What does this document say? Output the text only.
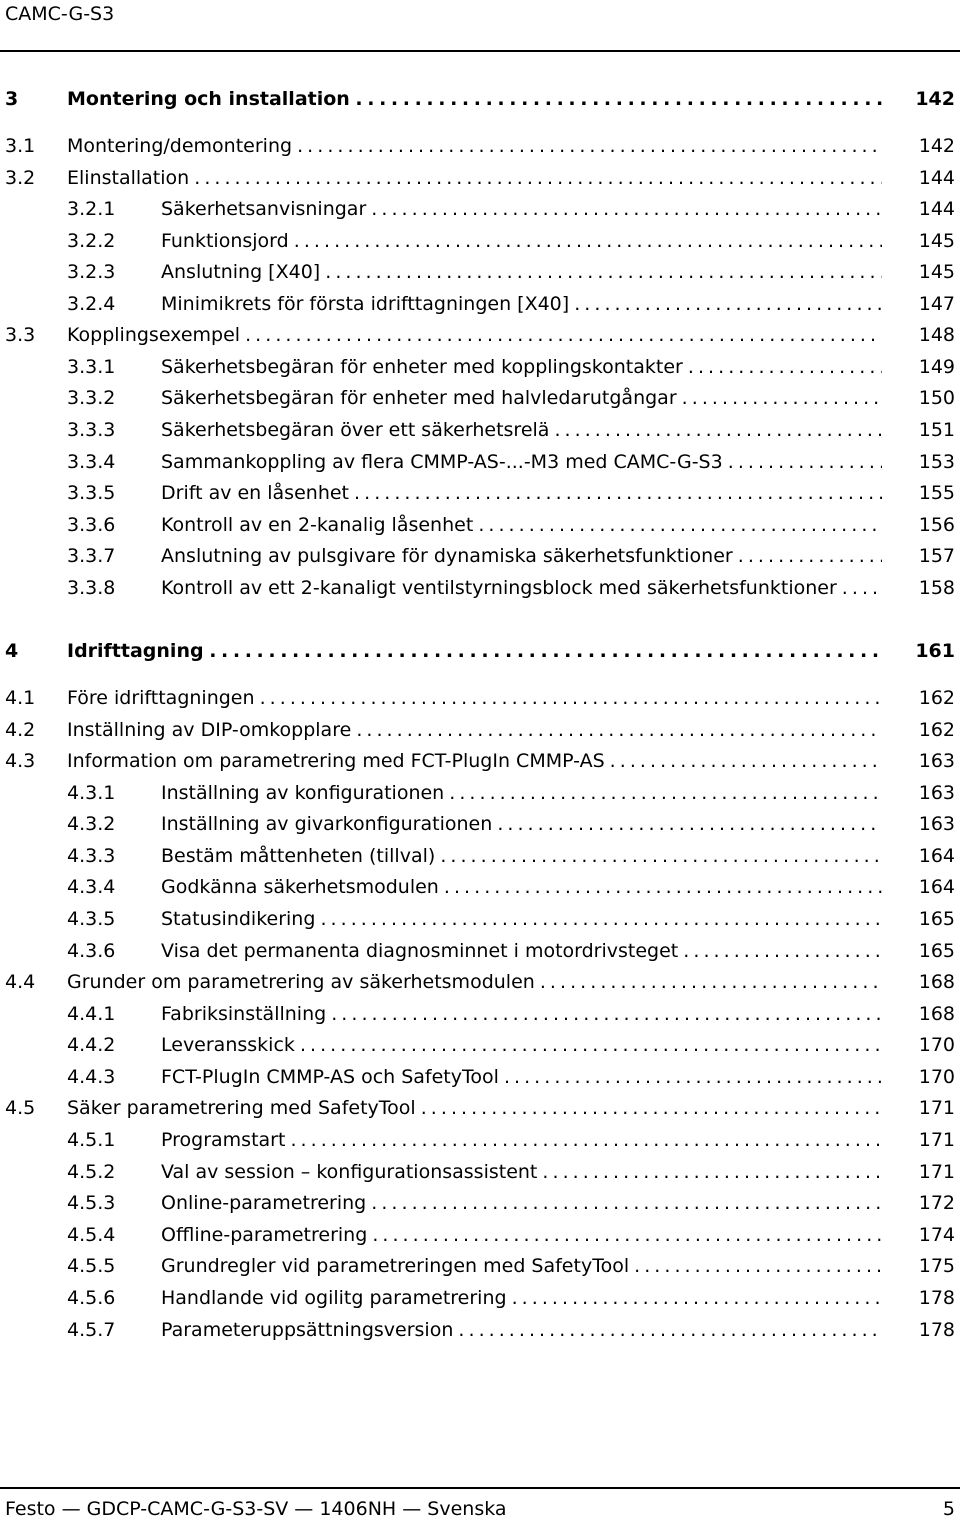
CAMC-G-S3
3	Montering och installation . . .	142
3.1 Montering/demontering . . .	142
3.2 Elinstallation . . .	144
3.2.1 Säkerhetsanvisningar . . .	144
3.2.2 Funktionsjord . . .	145
3.2.3 Anslutning [X40] . . .	145
3.2.4 Minimikrets för första idrifttagningen [X40] . . .	147
3.3 Kopplingsexempel . . .	148
3.3.1 Säkerhetsbegäran för enheter med kopplingskontakter . . .	149
3.3.2 Säkerhetsbegäran för enheter med halvledarutgångar . . .	150
3.3.3 Säkerhetsbegäran över ett säkerhetsrelä . . .	151
3.3.4 Sammankoppling av flera CMMP-AS-...-M3 med CAMC-G-S3 . . .	153
3.3.5 Drift av en låsenhet . . .	155
3.3.6 Kontroll av en 2-kanalig låsenhet . . .	156
3.3.7 Anslutning av pulsgivare för dynamiska säkerhetsfunktioner . . .	157
3.3.8 Kontroll av ett 2-kanaligt ventilstyrningsblock med säkerhetsfunktioner . . .	158
4	Idrifttagning . . .	161
4.1 Före idrifttagningen . . .	162
4.2 Inställning av DIP-omkopplare . . .	162
4.3 Information om parametrering med FCT-PlugIn CMMP-AS . . .	163
4.3.1 Inställning av konfigurationen . . .	163
4.3.2 Inställning av givarkonfigurationen . . .	163
4.3.3 Bestäm måttenheten (tillval) . . .	164
4.3.4 Godkänna säkerhetsmodulen . . .	164
4.3.5 Statusindikering . . .	165
4.3.6 Visa det permanenta diagnosminnet i motordrivsteget . . .	165
4.4 Grunder om parametrering av säkerhetsmodulen . . .	168
4.4.1 Fabriksinställning . . .	168
4.4.2 Leveransskick . . .	170
4.4.3 FCT-PlugIn CMMP-AS och SafetyTool . . .	170
4.5 Säker parametrering med SafetyTool . . .	171
4.5.1 Programstart . . .	171
4.5.2 Val av session – konfigurationsassistent . . .	171
4.5.3 Online-parametrering . . .	172
4.5.4 Offline-parametrering . . .	174
4.5.5 Grundregler vid parametreringen med SafetyTool . . .	175
4.5.6 Handlande vid ogilitg parametrering . . .	178
4.5.7 Parameteruppsättningsversion . . .	178
Festo — GDCP-CAMC-G-S3-SV — 1406NH — Svenska	5
